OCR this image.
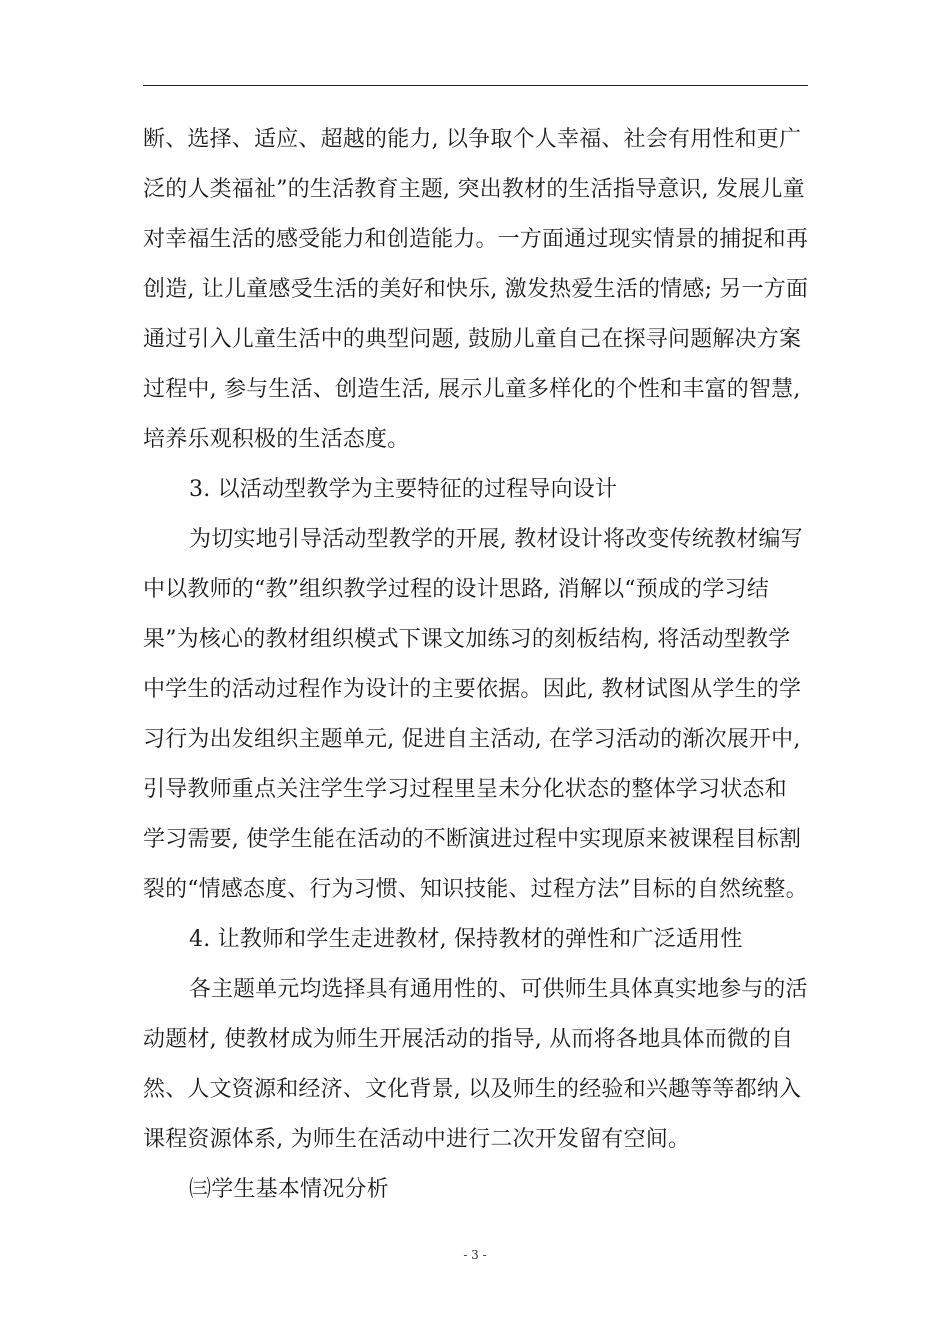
断、选择、适应、超越的能力, 以争取个人幸福、社会有用性和更广
泛的人类福祉”的生活教育主题, 突出教材的生活指导意识, 发展儿童
对幸福生活的感受能力和创造能力。一方面通过现实情景的捕捉和再
创造, 让儿童感受生活的美好和快乐, 激发热爱生活的情感; 另一方面
通过引入儿童生活中的典型问题, 鼓励儿童自己在探寻问题解决方案
过程中, 参与生活、创造生活, 展示儿童多样化的个性和丰富的智慧,
培养乐观积极的生活态度。
3. 以活动型教学为主要特征的过程导向设计
为切实地引导活动型教学的开展, 教材设计将改变传统教材编写
中以教师的“教”组织教学过程的设计思路, 消解以“预成的学习结
果”为核心的教材组织模式下课文加练习的刻板结构, 将活动型教学
中学生的活动过程作为设计的主要依据。因此, 教材试图从学生的学
习行为出发组织主题单元, 促进自主活动, 在学习活动的渐次展开中,
引导教师重点关注学生学习过程里呈未分化状态的整体学习状态和
学习需要, 使学生能在活动的不断演进过程中实现原来被课程目标割
裂的“情感态度、行为习惯、知识技能、过程方法”目标的自然统整。
4. 让教师和学生走进教材, 保持教材的弹性和广泛适用性
各主题单元均选择具有通用性的、可供师生具体真实地参与的活
动题材, 使教材成为师生开展活动的指导, 从而将各地具体而微的自
然、人文资源和经济、文化背景, 以及师生的经验和兴趣等等都纳入
课程资源体系, 为师生在活动中进行二次开发留有空间。
㈢学生基本情况分析
- 3 -
